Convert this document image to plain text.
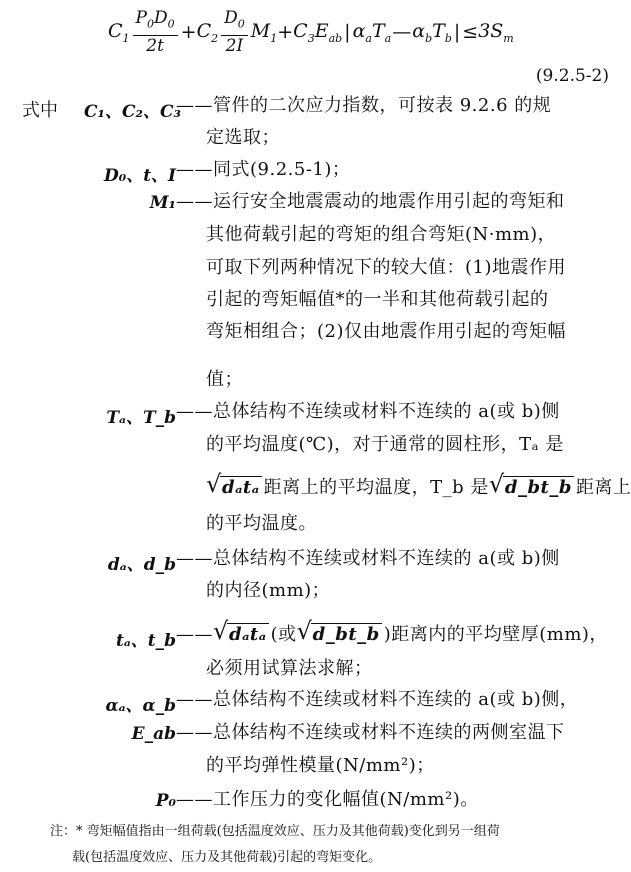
$C_1 \frac{P_0D_0}{2t} + C_2 \frac{D_0}{2I} M_1 + C_3$ $E_{ab}$ | $\alpha_aT_a$ — $\alpha_bT_b$ | ≤ $3S_m$
(9.2.5-2)
式中 C₁、C₂、C₃
——管件的二次应力指数，可按表 9.2.6 的规
定选取；
D₀、t、I ——同式(9.2.5-1)；
M₁ ——运行安全地震震动的地震作用引起的弯矩和
其他荷载引起的弯矩的组合弯矩(N·mm)，
可取下列两种情况下的较大值：(1)地震作用
引起的弯矩幅值*的一半和其他荷载引起的
弯矩相组合；(2)仅由地震作用引起的弯矩幅
值；
Tₐ、T_b ——总体结构不连续或材料不连续的 a(或 b)侧
的平均温度(℃)，对于通常的圆柱形，Tₐ 是
√ dₐtₐ 距离上的平均温度，T_b 是 √ d_bt_b 距离上
的平均温度。
dₐ、d_b ——总体结构不连续或材料不连续的 a(或 b)侧
的内径(mm)；
tₐ、t_b —— √ dₐtₐ (或 √ d_bt_b )距离内的平均壁厚(mm)，
必须用试算法求解；
αₐ、α_b ——总体结构不连续或材料不连续的 a(或 b)侧，
E_ab ——总体结构不连续或材料不连续的两侧室温下
的平均弹性模量(N/mm²)；
P₀ ——工作压力的变化幅值(N/mm²)。
注：* 弯矩幅值指由一组荷载(包括温度效应、压力及其他荷载)变化到另一组荷
载(包括温度效应、压力及其他荷载)引起的弯矩变化。
